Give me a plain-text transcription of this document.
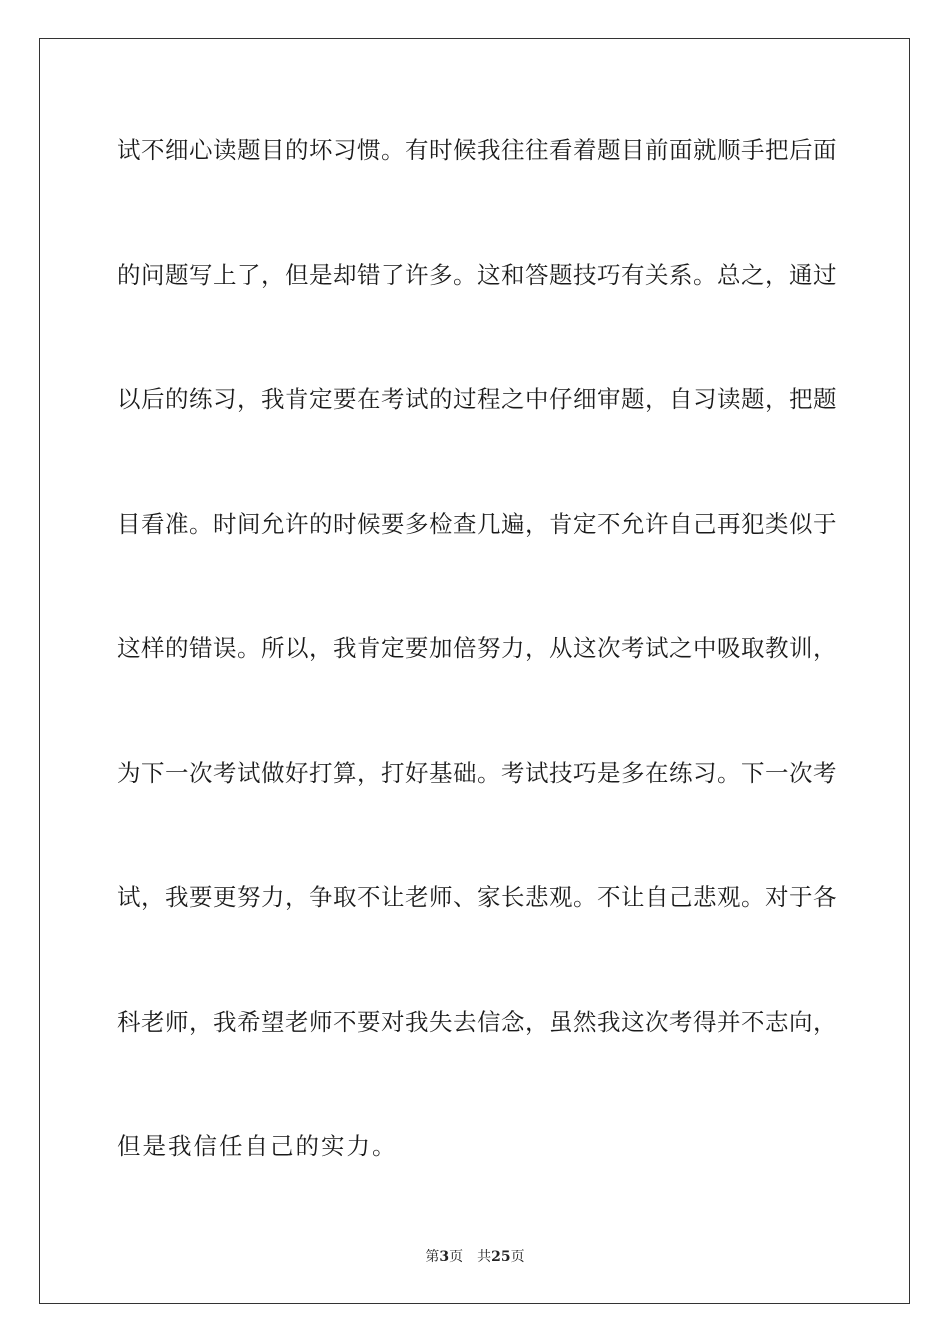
试不细心读题目的坏习惯。有时候我往往看着题目前面就顺手把后面
的问题写上了，但是却错了许多。这和答题技巧有关系。总之，通过
以后的练习，我肯定要在考试的过程之中仔细审题，自习读题，把题
目看准。时间允许的时候要多检查几遍，肯定不允许自己再犯类似于
这样的错误。所以，我肯定要加倍努力，从这次考试之中吸取教训，
为下一次考试做好打算，打好基础。考试技巧是多在练习。下一次考
试，我要更努力，争取不让老师、家长悲观。不让自己悲观。对于各
科老师，我希望老师不要对我失去信念，虽然我这次考得并不志向，
但是我信任自己的实力。
第3页 共25页
